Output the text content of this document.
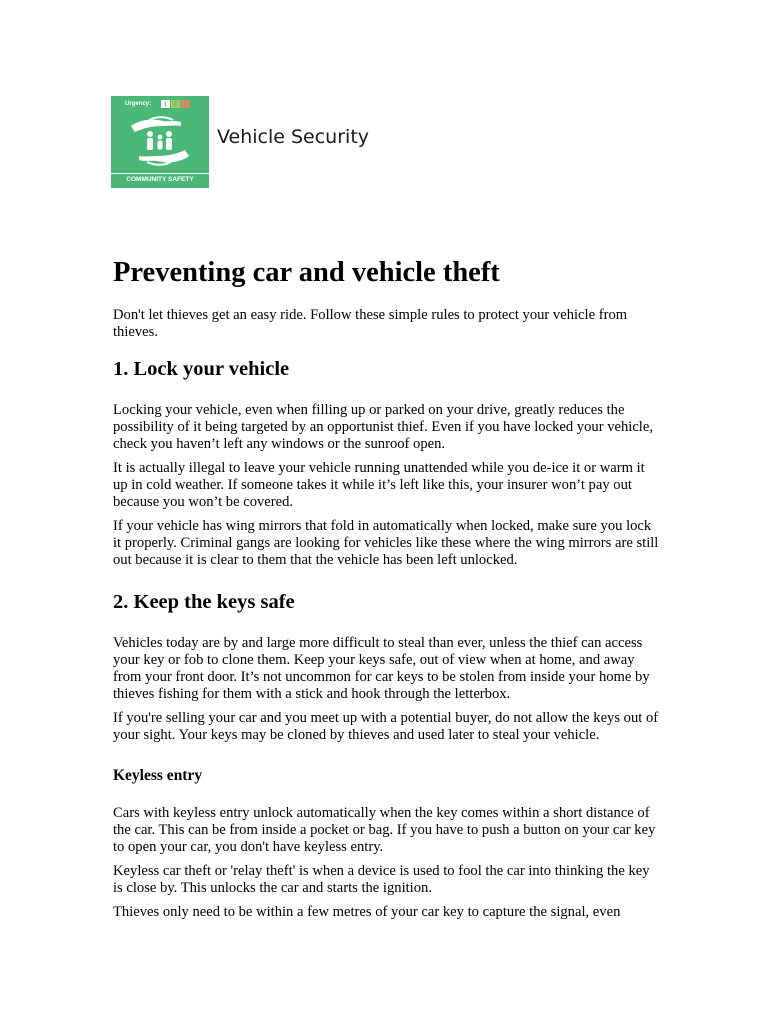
Urgency:	1	2	3
COMMUNITY SAFETY
Vehicle Security
Preventing car and vehicle theft

Don't let thieves get an easy ride. Follow these simple rules to protect your vehicle from thieves.

1. Lock your vehicle

Locking your vehicle, even when filling up or parked on your drive, greatly reduces the possibility of it being targeted by an opportunist thief. Even if you have locked your vehicle, check you haven’t left any windows or the sunroof open.

It is actually illegal to leave your vehicle running unattended while you de-ice it or warm it up in cold weather. If someone takes it while it’s left like this, your insurer won’t pay out because you won’t be covered.

If your vehicle has wing mirrors that fold in automatically when locked, make sure you lock it properly. Criminal gangs are looking for vehicles like these where the wing mirrors are still out because it is clear to them that the vehicle has been left unlocked.

2. Keep the keys safe

Vehicles today are by and large more difficult to steal than ever, unless the thief can access your key or fob to clone them. Keep your keys safe, out of view when at home, and away from your front door. It’s not uncommon for car keys to be stolen from inside your home by thieves fishing for them with a stick and hook through the letterbox.

If you're selling your car and you meet up with a potential buyer, do not allow the keys out of your sight. Your keys may be cloned by thieves and used later to steal your vehicle.

Keyless entry

Cars with keyless entry unlock automatically when the key comes within a short distance of the car. This can be from inside a pocket or bag. If you have to push a button on your car key to open your car, you don't have keyless entry.

Keyless car theft or 'relay theft' is when a device is used to fool the car into thinking the key is close by. This unlocks the car and starts the ignition.

Thieves only need to be within a few metres of your car key to capture the signal, even
